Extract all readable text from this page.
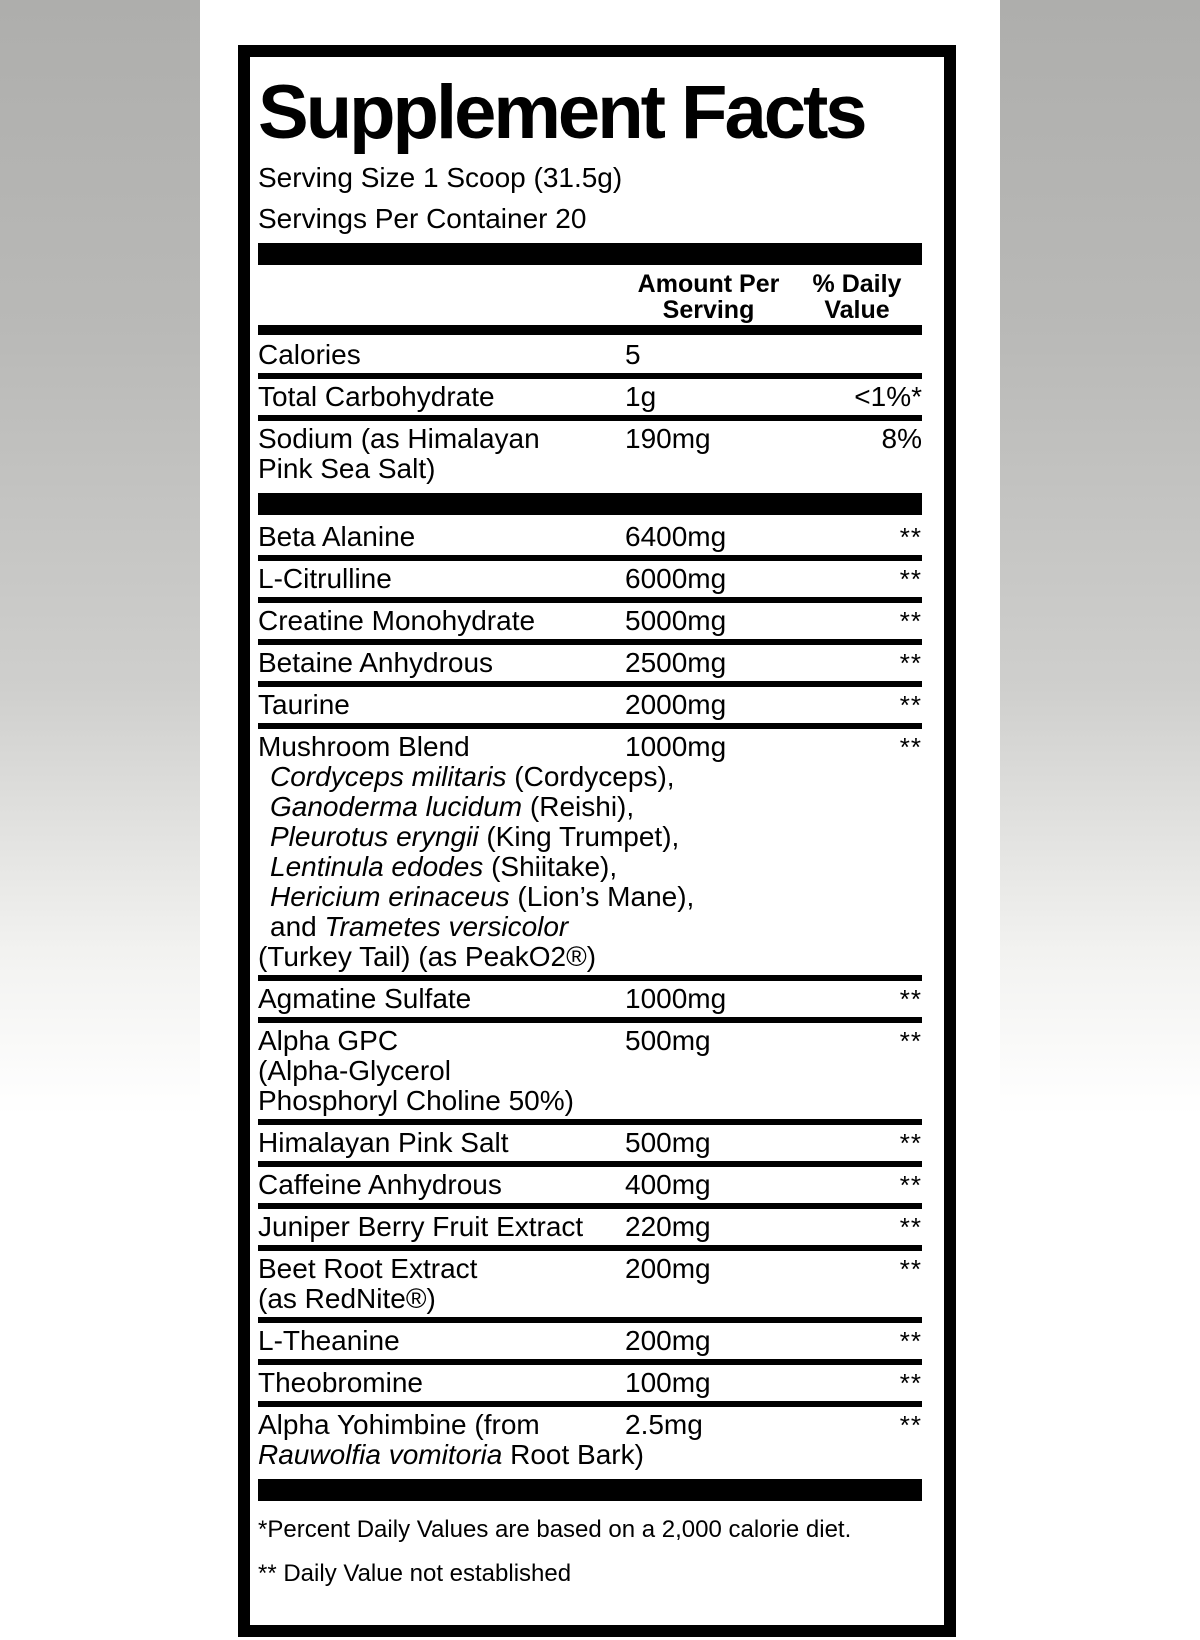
Supplement Facts
Serving Size 1 Scoop (31.5g)
Servings Per Container 20
Amount Per
Serving
% Daily
Value
Calories	5
Total Carbohydrate	1g	<1%*
Sodium (as Himalayan	190mg	8%
Pink Sea Salt)
Beta Alanine	6400mg	**
L-Citrulline	6000mg	**
Creatine Monohydrate	5000mg	**
Betaine Anhydrous	2500mg	**
Taurine	2000mg	**
Mushroom Blend	1000mg	**
Cordyceps militaris (Cordyceps),
Ganoderma lucidum (Reishi),
Pleurotus eryngii (King Trumpet),
Lentinula edodes (Shiitake),
Hericium erinaceus (Lion’s Mane),
and Trametes versicolor
(Turkey Tail) (as PeakO2®)
Agmatine Sulfate	1000mg	**
Alpha GPC	500mg	**
(Alpha-Glycerol
Phosphoryl Choline 50%)
Himalayan Pink Salt	500mg	**
Caffeine Anhydrous	400mg	**
Juniper Berry Fruit Extract	220mg	**
Beet Root Extract	200mg	**
(as RedNite®)
L-Theanine	200mg	**
Theobromine	100mg	**
Alpha Yohimbine (from	2.5mg	**
Rauwolfia vomitoria Root Bark)
*Percent Daily Values are based on a 2,000 calorie diet.
** Daily Value not established
